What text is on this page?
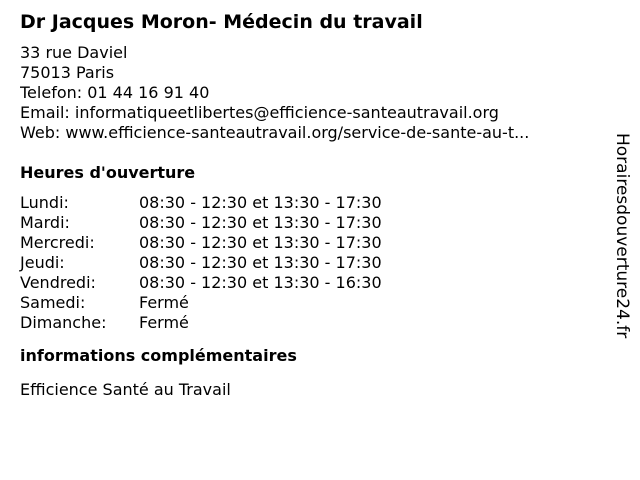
Dr Jacques Moron- Médecin du travail
33 rue Daviel
75013 Paris
Telefon: 01 44 16 91 40
Email: informatiqueetlibertes@efficience-santeautravail.org
Web: www.efficience-santeautravail.org/service-de-sante-au-t...
Heures d'ouverture
Lundi:	08:30 - 12:30 et 13:30 - 17:30
Mardi:	08:30 - 12:30 et 13:30 - 17:30
Mercredi:	08:30 - 12:30 et 13:30 - 17:30
Jeudi:	08:30 - 12:30 et 13:30 - 17:30
Vendredi:	08:30 - 12:30 et 13:30 - 16:30
Samedi:	Fermé
Dimanche:	Fermé
informations complémentaires
Efficience Santé au Travail
Horairesdouverture24.fr
